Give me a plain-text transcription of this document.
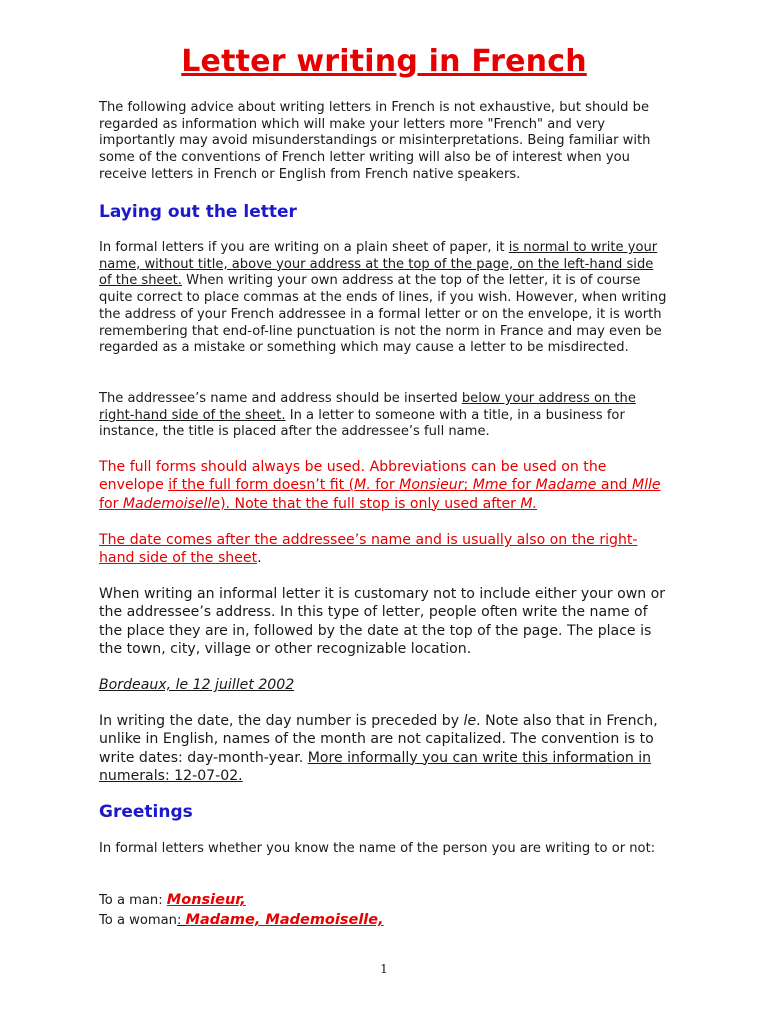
Letter writing in French

The following advice about writing letters in French is not exhaustive, but should be regarded as information which will make your letters more "French" and very importantly may avoid misunderstandings or misinterpretations. Being familiar with some of the conventions of French letter writing will also be of interest when you receive letters in French or English from French native speakers.

Laying out the letter

In formal letters if you are writing on a plain sheet of paper, it is normal to write your name, without title, above your address at the top of the page, on the left-hand side of the sheet. When writing your own address at the top of the letter, it is of course quite correct to place commas at the ends of lines, if you wish. However, when writing the address of your French addressee in a formal letter or on the envelope, it is worth remembering that end-of-line punctuation is not the norm in France and may even be regarded as a mistake or something which may cause a letter to be misdirected.

The addressee’s name and address should be inserted below your address on the right-hand side of the sheet. In a letter to someone with a title, in a business for instance, the title is placed after the addressee’s full name.

The full forms should always be used. Abbreviations can be used on the envelope if the full form doesn’t fit (M. for Monsieur; Mme for Madame and Mlle for Mademoiselle). Note that the full stop is only used after M.

The date comes after the addressee’s name and is usually also on the right-hand side of the sheet.

When writing an informal letter it is customary not to include either your own or the addressee’s address. In this type of letter, people often write the name of the place they are in, followed by the date at the top of the page. The place is the town, city, village or other recognizable location.

Bordeaux, le 12 juillet 2002

In writing the date, the day number is preceded by le. Note also that in French, unlike in English, names of the month are not capitalized. The convention is to write dates: day-month-year. More informally you can write this information in numerals: 12-07-02.

Greetings

In formal letters whether you know the name of the person you are writing to or not:

To a man: Monsieur,

To a woman: Madame, Mademoiselle,

1
